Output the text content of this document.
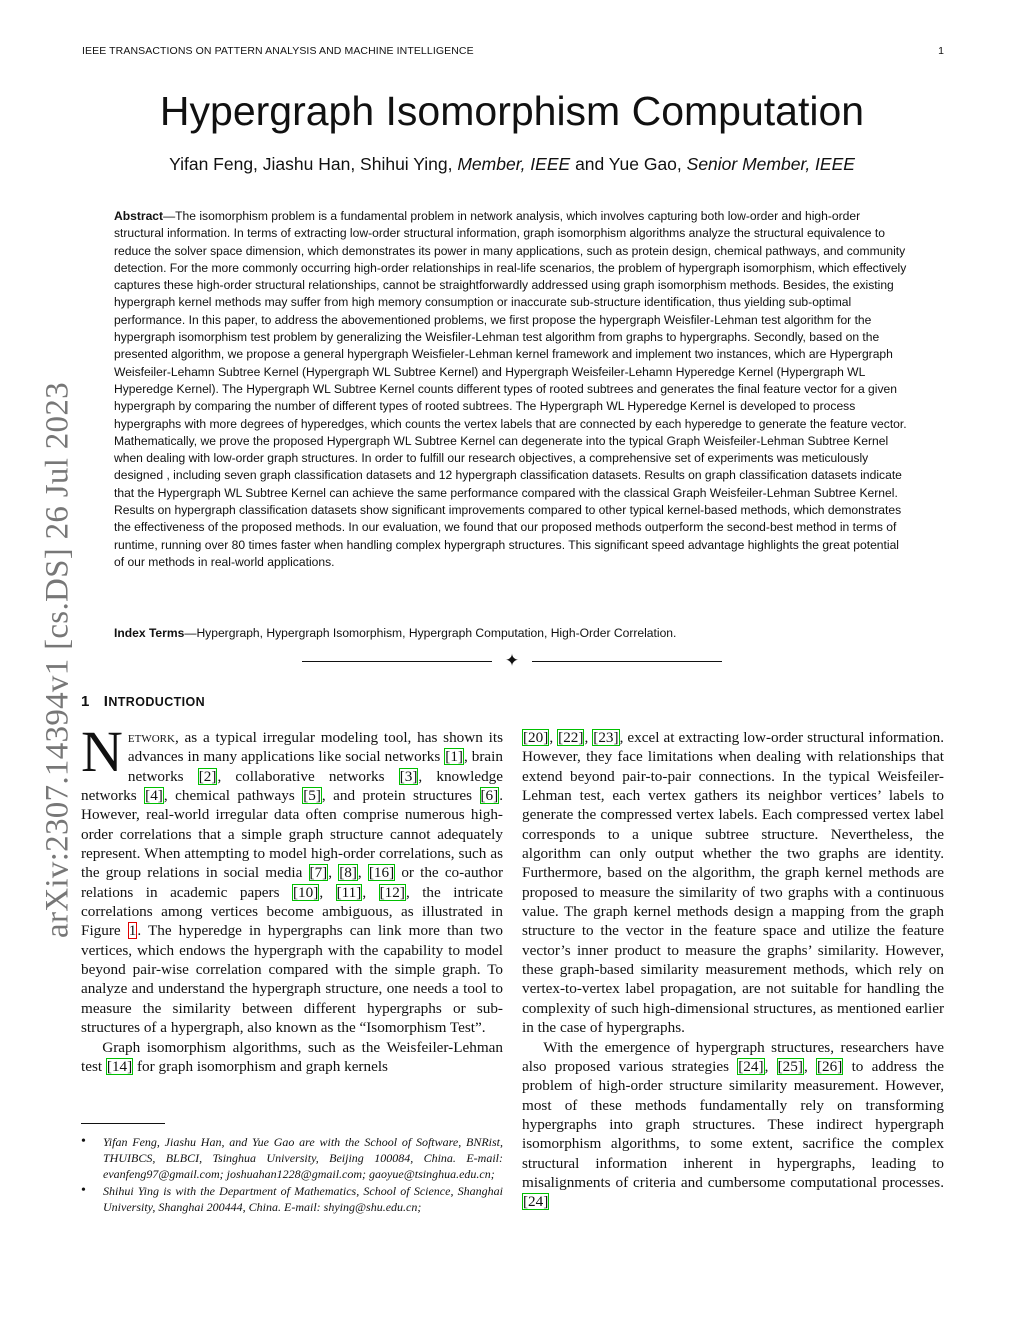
IEEE TRANSACTIONS ON PATTERN ANALYSIS AND MACHINE INTELLIGENCE	1
Hypergraph Isomorphism Computation
Yifan Feng, Jiashu Han, Shihui Ying, Member, IEEE and Yue Gao, Senior Member, IEEE

Abstract—The isomorphism problem is a fundamental problem in network analysis, which involves capturing both low-order and high-order structural information. In terms of extracting low-order structural information, graph isomorphism algorithms analyze the structural equivalence to reduce the solver space dimension, which demonstrates its power in many applications, such as protein design, chemical pathways, and community detection. For the more commonly occurring high-order relationships in real-life scenarios, the problem of hypergraph isomorphism, which effectively captures these high-order structural relationships, cannot be straightforwardly addressed using graph isomorphism methods. Besides, the existing hypergraph kernel methods may suffer from high memory consumption or inaccurate sub-structure identification, thus yielding sub-optimal performance. In this paper, to address the abovementioned problems, we first propose the hypergraph Weisfiler-Lehman test algorithm for the hypergraph isomorphism test problem by generalizing the Weisfiler-Lehman test algorithm from graphs to hypergraphs. Secondly, based on the presented algorithm, we propose a general hypergraph Weisfieler-Lehman kernel framework and implement two instances, which are Hypergraph Weisfeiler-Lehamn Subtree Kernel (Hypergraph WL Subtree Kernel) and Hypergraph Weisfeiler-Lehamn Hyperedge Kernel (Hypergraph WL Hyperedge Kernel). The Hypergraph WL Subtree Kernel counts different types of rooted subtrees and generates the final feature vector for a given hypergraph by comparing the number of different types of rooted subtrees. The Hypergraph WL Hyperedge Kernel is developed to process hypergraphs with more degrees of hyperedges, which counts the vertex labels that are connected by each hyperedge to generate the feature vector. Mathematically, we prove the proposed Hypergraph WL Subtree Kernel can degenerate into the typical Graph Weisfeiler-Lehman Subtree Kernel when dealing with low-order graph structures. In order to fulfill our research objectives, a comprehensive set of experiments was meticulously designed , including seven graph classification datasets and 12 hypergraph classification datasets. Results on graph classification datasets indicate that the Hypergraph WL Subtree Kernel can achieve the same performance compared with the classical Graph Weisfeiler-Lehman Subtree Kernel. Results on hypergraph classification datasets show significant improvements compared to other typical kernel-based methods, which demonstrates the effectiveness of the proposed methods. In our evaluation, we found that our proposed methods outperform the second-best method in terms of runtime, running over 80 times faster when handling complex hypergraph structures. This significant speed advantage highlights the great potential of our methods in real-world applications.

Index Terms—Hypergraph, Hypergraph Isomorphism, Hypergraph Computation, High-Order Correlation.

✦
arXiv:2307.14394v1 [cs.DS] 26 Jul 2023 1 INTRODUCTION

Network, as a typical irregular modeling tool, has shown its advances in many applications like social networks [1], brain networks [2], collaborative networks [3], knowledge networks [4], chemical pathways [5], and protein structures [6]. However, real-world irregular data often comprise numerous high-order correlations that a simple graph structure cannot adequately represent. When attempting to model high-order correlations, such as the group relations in social media [7], [8], [16] or the co-author relations in academic papers [10], [11], [12], the intricate correlations among vertices become ambiguous, as illustrated in Figure 1. The hyperedge in hypergraphs can link more than two vertices, which endows the hypergraph with the capability to model beyond pair-wise correlation compared with the simple graph. To analyze and understand the hypergraph structure, one needs a tool to measure the similarity between different hypergraphs or sub-structures of a hypergraph, also known as the “Isomorphism Test”.

Graph isomorphism algorithms, such as the Weisfeiler-Lehman test [14] for graph isomorphism and graph kernels

• Yifan Feng, Jiashu Han, and Yue Gao are with the School of Software, BNRist, THUIBCS, BLBCI, Tsinghua University, Beijing 100084, China. E-mail: evanfeng97@gmail.com; joshuahan1228@gmail.com; gaoyue@tsinghua.edu.cn;
• Shihui Ying is with the Department of Mathematics, School of Science, Shanghai University, Shanghai 200444, China. E-mail: shying@shu.edu.cn;

[20], [22], [23], excel at extracting low-order structural information. However, they face limitations when dealing with relationships that extend beyond pair-to-pair connections. In the typical Weisfeiler-Lehman test, each vertex gathers its neighbor vertices’ labels to generate the compressed vertex labels. Each compressed vertex label corresponds to a unique subtree structure. Nevertheless, the algorithm can only output whether the two graphs are identity. Furthermore, based on the algorithm, the graph kernel methods are proposed to measure the similarity of two graphs with a continuous value. The graph kernel methods design a mapping from the graph structure to the vector in the feature space and utilize the feature vector’s inner product to measure the graphs’ similarity. However, these graph-based similarity measurement methods, which rely on vertex-to-vertex label propagation, are not suitable for handling the complexity of such high-dimensional structures, as mentioned earlier in the case of hypergraphs.

With the emergence of hypergraph structures, researchers have also proposed various strategies [24], [25], [26] to address the problem of high-order structure similarity measurement. However, most of these methods fundamentally rely on transforming hypergraphs into graph structures. These indirect hypergraph isomorphism algorithms, to some extent, sacrifice the complex structural information inherent in hypergraphs, leading to misalignments of criteria and cumbersome computational processes. [24]
